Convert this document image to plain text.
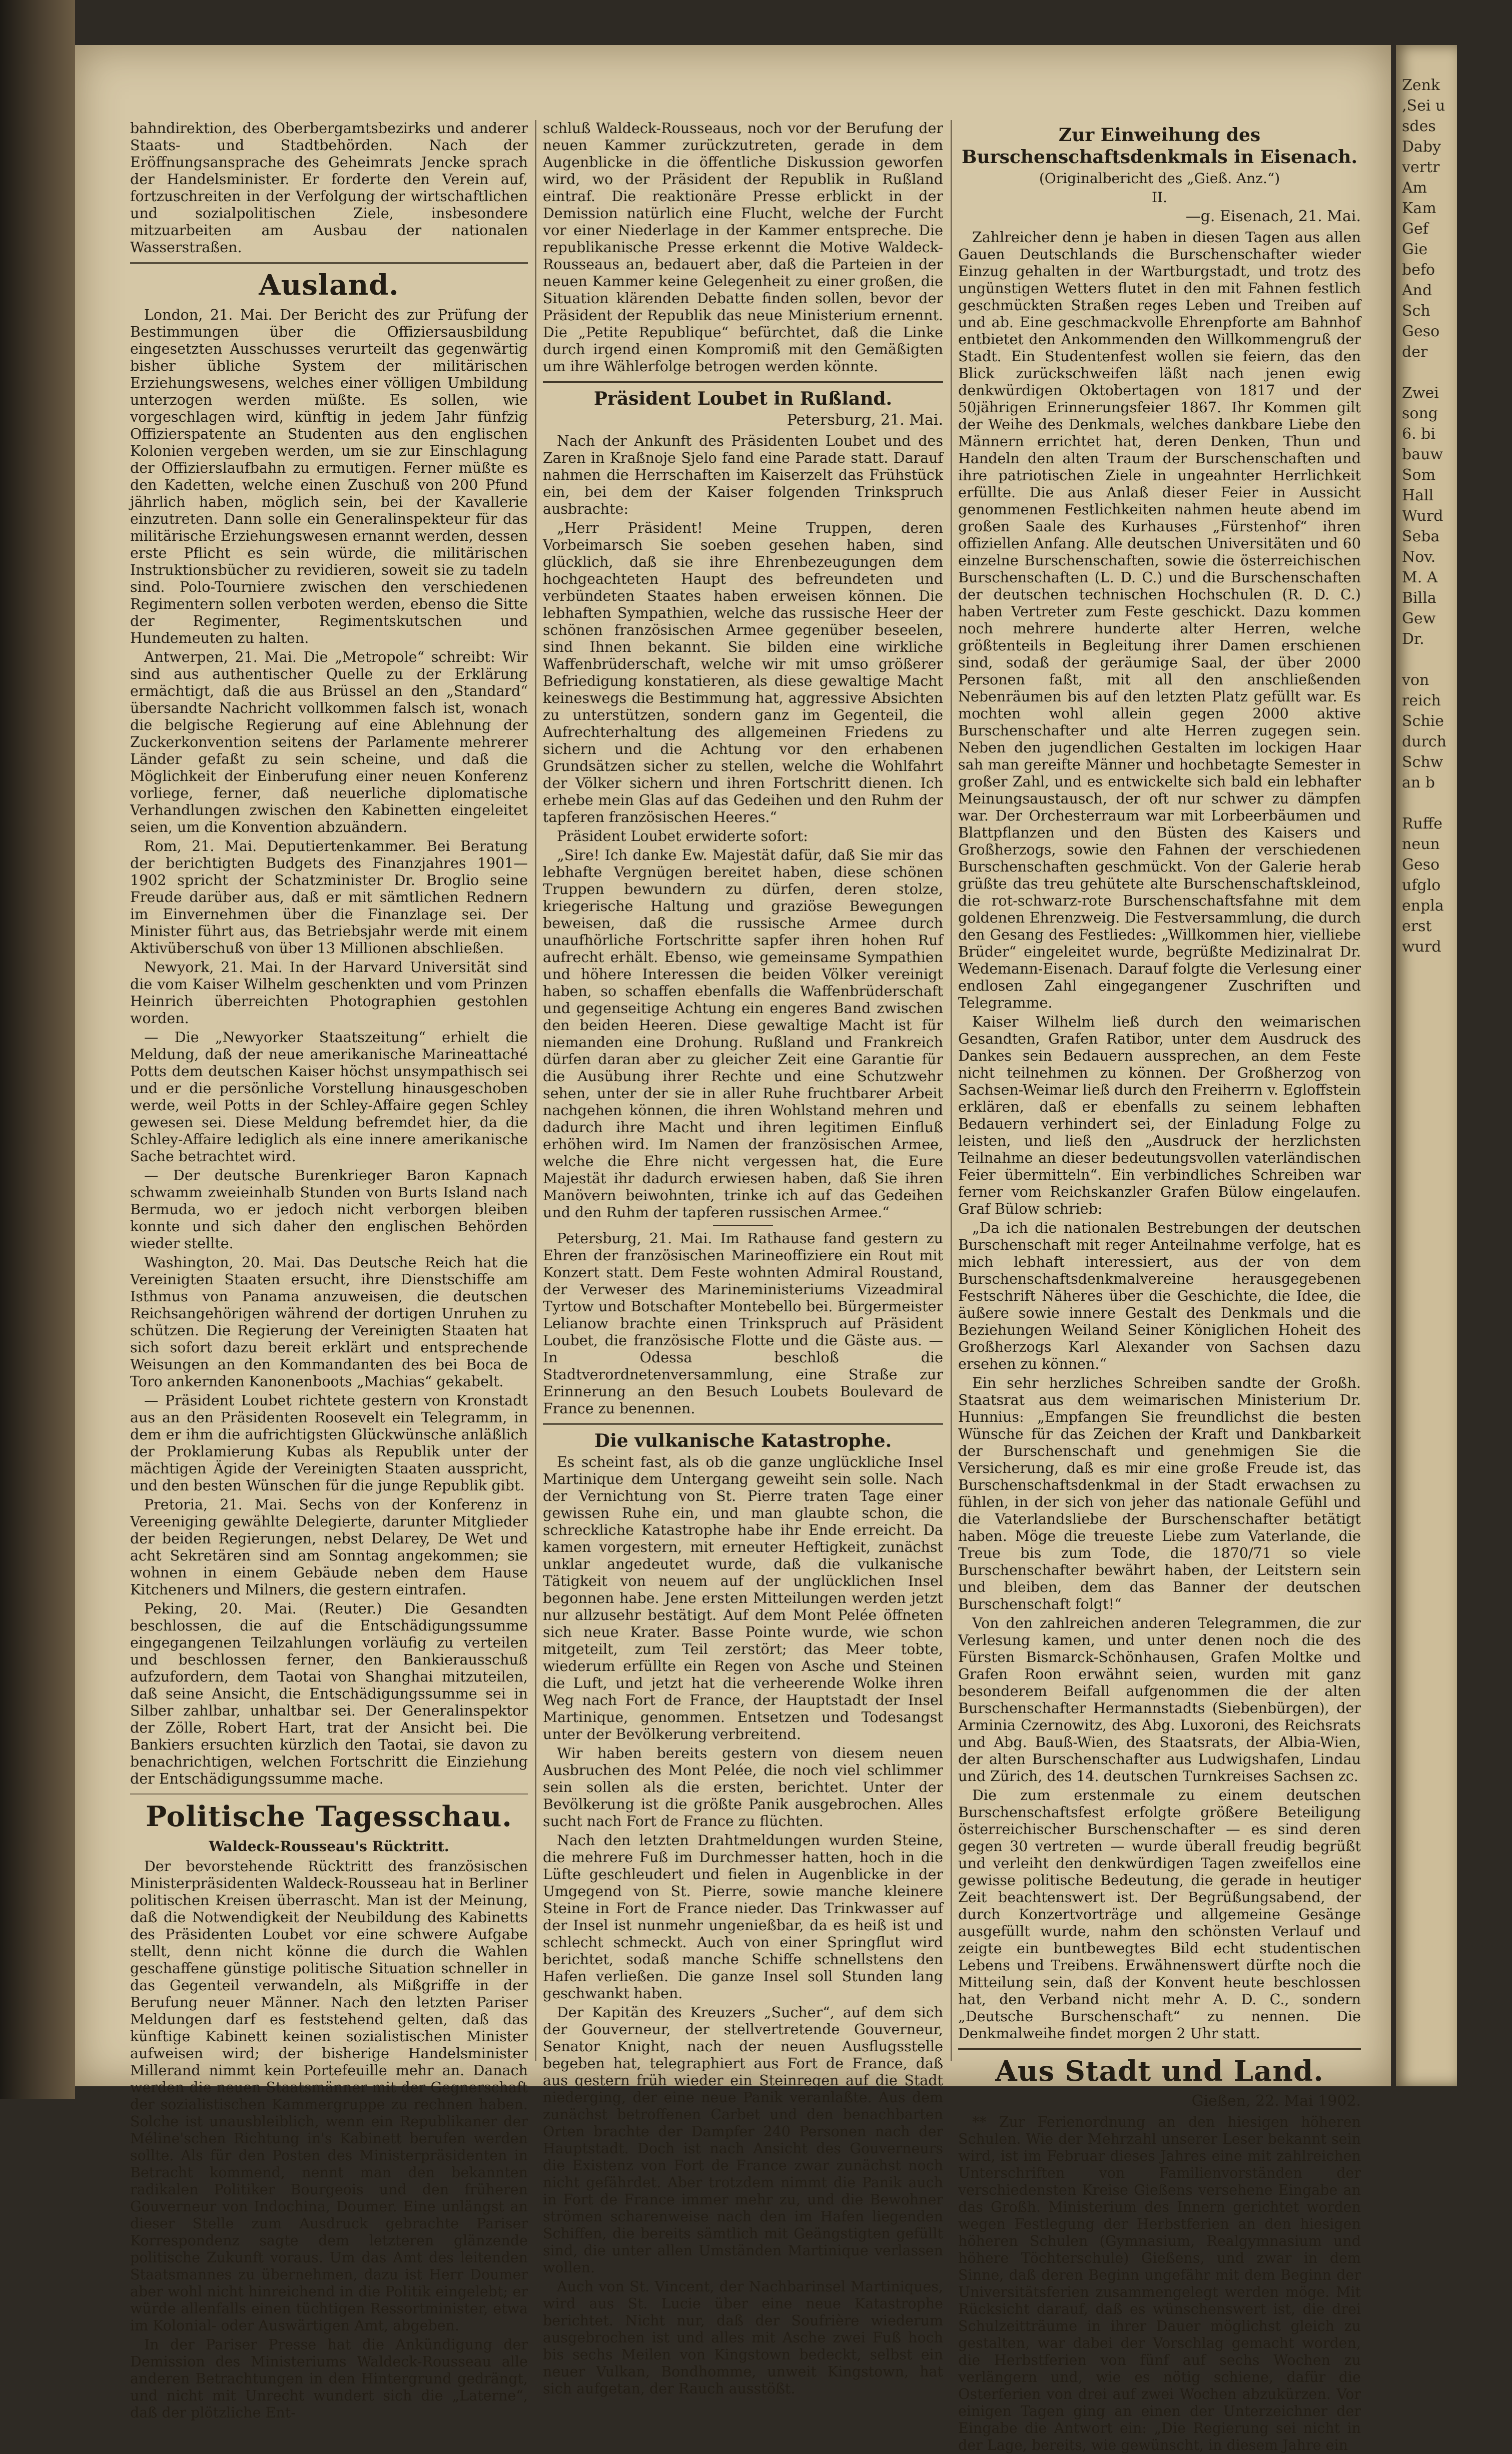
bahndirektion, des Oberbergamtsbezirks und anderer Staats- und Stadtbehörden. Nach der Eröffnungsansprache des Geheimrats Jencke sprach der Handelsminister. Er forderte den Verein auf, fortzuschreiten in der Verfolgung der wirtschaftlichen und sozialpolitischen Ziele, insbesondere mitzuarbeiten am Ausbau der nationalen Wasserstraßen.

Ausland.

London, 21. Mai. Der Bericht des zur Prüfung der Bestimmungen über die Offiziersausbildung eingesetzten Ausschusses verurteilt das gegenwärtig bisher übliche System der militärischen Erziehungswesens, welches einer völligen Umbildung unterzogen werden müßte. Es sollen, wie vorgeschlagen wird, künftig in jedem Jahr fünfzig Offizierspatente an Studenten aus den englischen Kolonien vergeben werden, um sie zur Einschlagung der Offizierslaufbahn zu ermutigen. Ferner müßte es den Kadetten, welche einen Zuschuß von 200 Pfund jährlich haben, möglich sein, bei der Kavallerie einzutreten. Dann solle ein Generalinspekteur für das militärische Erziehungswesen ernannt werden, dessen erste Pflicht es sein würde, die militärischen Instruktionsbücher zu revidieren, soweit sie zu tadeln sind. Polo-Tourniere zwischen den verschiedenen Regimentern sollen verboten werden, ebenso die Sitte der Regimenter, Regimentskutschen und Hundemeuten zu halten.

Antwerpen, 21. Mai. Die „Metropole“ schreibt: Wir sind aus authentischer Quelle zu der Erklärung ermächtigt, daß die aus Brüssel an den „Standard“ übersandte Nachricht vollkommen falsch ist, wonach die belgische Regierung auf eine Ablehnung der Zuckerkonvention seitens der Parlamente mehrerer Länder gefaßt zu sein scheine, und daß die Möglichkeit der Einberufung einer neuen Konferenz vorliege, ferner, daß neuerliche diplomatische Verhandlungen zwischen den Kabinetten eingeleitet seien, um die Konvention abzuändern.

Rom, 21. Mai. Deputiertenkammer. Bei Beratung der berichtigten Budgets des Finanzjahres 1901—1902 spricht der Schatzminister Dr. Broglio seine Freude darüber aus, daß er mit sämtlichen Rednern im Einvernehmen über die Finanzlage sei. Der Minister führt aus, das Betriebsjahr werde mit einem Aktivüberschuß von über 13 Millionen abschließen.

Newyork, 21. Mai. In der Harvard Universität sind die vom Kaiser Wilhelm geschenkten und vom Prinzen Heinrich überreichten Photographien gestohlen worden.

— Die „Newyorker Staatszeitung“ erhielt die Meldung, daß der neue amerikanische Marineattaché Potts dem deutschen Kaiser höchst unsympathisch sei und er die persönliche Vorstellung hinausgeschoben werde, weil Potts in der Schley-Affaire gegen Schley gewesen sei. Diese Meldung befremdet hier, da die Schley-Affaire lediglich als eine innere amerikanische Sache betrachtet wird.

— Der deutsche Burenkrieger Baron Kapnach schwamm zweieinhalb Stunden von Burts Island nach Bermuda, wo er jedoch nicht verborgen bleiben konnte und sich daher den englischen Behörden wieder stellte.

Washington, 20. Mai. Das Deutsche Reich hat die Vereinigten Staaten ersucht, ihre Dienstschiffe am Isthmus von Panama anzuweisen, die deutschen Reichsangehörigen während der dortigen Unruhen zu schützen. Die Regierung der Vereinigten Staaten hat sich sofort dazu bereit erklärt und entsprechende Weisungen an den Kommandanten des bei Boca de Toro ankernden Kanonenboots „Machias“ gekabelt.

— Präsident Loubet richtete gestern von Kronstadt aus an den Präsidenten Roosevelt ein Telegramm, in dem er ihm die aufrichtigsten Glückwünsche anläßlich der Proklamierung Kubas als Republik unter der mächtigen Ägide der Vereinigten Staaten ausspricht, und den besten Wünschen für die junge Republik gibt.

Pretoria, 21. Mai. Sechs von der Konferenz in Vereeniging gewählte Delegierte, darunter Mitglieder der beiden Regierungen, nebst Delarey, De Wet und acht Sekretären sind am Sonntag angekommen; sie wohnen in einem Gebäude neben dem Hause Kitcheners und Milners, die gestern eintrafen.

Peking, 20. Mai. (Reuter.) Die Gesandten beschlossen, die auf die Entschädigungssumme eingegangenen Teilzahlungen vorläufig zu verteilen und beschlossen ferner, den Bankierausschuß aufzufordern, dem Taotai von Shanghai mitzuteilen, daß seine Ansicht, die Entschädigungssumme sei in Silber zahlbar, unhaltbar sei. Der Generalinspektor der Zölle, Robert Hart, trat der Ansicht bei. Die Bankiers ersuchten kürzlich den Taotai, sie davon zu benachrichtigen, welchen Fortschritt die Einziehung der Entschädigungssumme mache.

Politische Tagesschau.
Waldeck-Rousseau's Rücktritt.

Der bevorstehende Rücktritt des französischen Ministerpräsidenten Waldeck-Rousseau hat in Berliner politischen Kreisen überrascht. Man ist der Meinung, daß die Notwendigkeit der Neubildung des Kabinetts des Präsidenten Loubet vor eine schwere Aufgabe stellt, denn nicht könne die durch die Wahlen geschaffene günstige politische Situation schneller in das Gegenteil verwandeln, als Mißgriffe in der Berufung neuer Männer. Nach den letzten Pariser Meldungen darf es feststehend gelten, daß das künftige Kabinett keinen sozialistischen Minister aufweisen wird; der bisherige Handelsminister Millerand nimmt kein Portefeuille mehr an. Danach werden die neuen Staatsmänner mit der Gegnerschaft der sozialistischen Kammergruppe zu rechnen haben. Solche ist unausbleiblich, wenn ein Republikaner der Méline'schen Richtung in's Kabinett berufen werden sollte. Als für den Posten des Ministerpräsidenten in Betracht kommend, nennt man den bekannten radikalen Politiker Bourgeois und den früheren Gouverneur von Indochina, Doumer. Eine unlängst an dieser Stelle zum Ausdruck gebrachte Pariser Korrespondenz sagte dem letzteren glänzende politische Zukunft voraus. Um das Amt des leitenden Staatsmannes zu übernehmen, dazu ist Herr Doumer aber wohl nicht hinreichend in die Politik eingelebt; er würde allenfalls einen tüchtigen Ressortminister, etwa im Kolonial- oder Auswärtigen Amt, abgeben.

In der Pariser Presse hat die Ankündigung der Demission des Ministeriums Waldeck-Rousseau alle anderen Betrachtungen in den Hintergrund gedrängt, und nicht mit Unrecht wundert sich die „Laterne“, daß der plötzliche Ent-

schluß Waldeck-Rousseaus, noch vor der Berufung der neuen Kammer zurückzutreten, gerade in dem Augenblicke in die öffentliche Diskussion geworfen wird, wo der Präsident der Republik in Rußland eintraf. Die reaktionäre Presse erblickt in der Demission natürlich eine Flucht, welche der Furcht vor einer Niederlage in der Kammer entspreche. Die republikanische Presse erkennt die Motive Waldeck-Rousseaus an, bedauert aber, daß die Parteien in der neuen Kammer keine Gelegenheit zu einer großen, die Situation klärenden Debatte finden sollen, bevor der Präsident der Republik das neue Ministerium ernennt. Die „Petite Republique“ befürchtet, daß die Linke durch irgend einen Kompromiß mit den Gemäßigten um ihre Wählerfolge betrogen werden könnte.

Präsident Loubet in Rußland.
Petersburg, 21. Mai.

Nach der Ankunft des Präsidenten Loubet und des Zaren in Kraßnoje Sjelo fand eine Parade statt. Darauf nahmen die Herrschaften im Kaiserzelt das Frühstück ein, bei dem der Kaiser folgenden Trinkspruch ausbrachte:

„Herr Präsident! Meine Truppen, deren Vorbeimarsch Sie soeben gesehen haben, sind glücklich, daß sie ihre Ehrenbezeugungen dem hochgeachteten Haupt des befreundeten und verbündeten Staates haben erweisen können. Die lebhaften Sympathien, welche das russische Heer der schönen französischen Armee gegenüber beseelen, sind Ihnen bekannt. Sie bilden eine wirkliche Waffenbrüderschaft, welche wir mit umso größerer Befriedigung konstatieren, als diese gewaltige Macht keineswegs die Bestimmung hat, aggressive Absichten zu unterstützen, sondern ganz im Gegenteil, die Aufrechterhaltung des allgemeinen Friedens zu sichern und die Achtung vor den erhabenen Grundsätzen sicher zu stellen, welche die Wohlfahrt der Völker sichern und ihren Fortschritt dienen. Ich erhebe mein Glas auf das Gedeihen und den Ruhm der tapferen französischen Heeres.“

Präsident Loubet erwiderte sofort:

„Sire! Ich danke Ew. Majestät dafür, daß Sie mir das lebhafte Vergnügen bereitet haben, diese schönen Truppen bewundern zu dürfen, deren stolze, kriegerische Haltung und graziöse Bewegungen beweisen, daß die russische Armee durch unaufhörliche Fortschritte sapfer ihren hohen Ruf aufrecht erhält. Ebenso, wie gemeinsame Sympathien und höhere Interessen die beiden Völker vereinigt haben, so schaffen ebenfalls die Waffenbrüderschaft und gegenseitige Achtung ein engeres Band zwischen den beiden Heeren. Diese gewaltige Macht ist für niemanden eine Drohung. Rußland und Frankreich dürfen daran aber zu gleicher Zeit eine Garantie für die Ausübung ihrer Rechte und eine Schutzwehr sehen, unter der sie in aller Ruhe fruchtbarer Arbeit nachgehen können, die ihren Wohlstand mehren und dadurch ihre Macht und ihren legitimen Einfluß erhöhen wird. Im Namen der französischen Armee, welche die Ehre nicht vergessen hat, die Eure Majestät ihr dadurch erwiesen haben, daß Sie ihren Manövern beiwohnten, trinke ich auf das Gedeihen und den Ruhm der tapferen russischen Armee.“

Petersburg, 21. Mai. Im Rathause fand gestern zu Ehren der französischen Marineoffiziere ein Rout mit Konzert statt. Dem Feste wohnten Admiral Roustand, der Verweser des Marineministeriums Vizeadmiral Tyrtow und Botschafter Montebello bei. Bürgermeister Lelianow brachte einen Trinkspruch auf Präsident Loubet, die französische Flotte und die Gäste aus. — In Odessa beschloß die Stadtverordnetenversammlung, eine Straße zur Erinnerung an den Besuch Loubets Boulevard de France zu benennen.

Die vulkanische Katastrophe.

Es scheint fast, als ob die ganze unglückliche Insel Martinique dem Untergang geweiht sein solle. Nach der Vernichtung von St. Pierre traten Tage einer gewissen Ruhe ein, und man glaubte schon, die schreckliche Katastrophe habe ihr Ende erreicht. Da kamen vorgestern, mit erneuter Heftigkeit, zunächst unklar angedeutet wurde, daß die vulkanische Tätigkeit von neuem auf der unglücklichen Insel begonnen habe. Jene ersten Mitteilungen werden jetzt nur allzusehr bestätigt. Auf dem Mont Pelée öffneten sich neue Krater. Basse Pointe wurde, wie schon mitgeteilt, zum Teil zerstört; das Meer tobte, wiederum erfüllte ein Regen von Asche und Steinen die Luft, und jetzt hat die verheerende Wolke ihren Weg nach Fort de France, der Hauptstadt der Insel Martinique, genommen. Entsetzen und Todesangst unter der Bevölkerung verbreitend.

Wir haben bereits gestern von diesem neuen Ausbruchen des Mont Pelée, die noch viel schlimmer sein sollen als die ersten, berichtet. Unter der Bevölkerung ist die größte Panik ausgebrochen. Alles sucht nach Fort de France zu flüchten.

Nach den letzten Drahtmeldungen wurden Steine, die mehrere Fuß im Durchmesser hatten, hoch in die Lüfte geschleudert und fielen in Augenblicke in der Umgegend von St. Pierre, sowie manche kleinere Steine in Fort de France nieder. Das Trinkwasser auf der Insel ist nunmehr ungenießbar, da es heiß ist und schlecht schmeckt. Auch von einer Springflut wird berichtet, sodaß manche Schiffe schnellstens den Hafen verließen. Die ganze Insel soll Stunden lang geschwankt haben.

Der Kapitän des Kreuzers „Sucher“, auf dem sich der Gouverneur, der stellvertretende Gouverneur, Senator Knight, nach der neuen Ausflugsstelle begeben hat, telegraphiert aus Fort de France, daß aus gestern früh wieder ein Steinregen auf die Stadt niederging, der eine neue Panik veranlaßte. Aus dem zunächst betroffenen Carbet und den benachbarten Orten brachte der Dampfer 240 Personen nach der Hauptstadt. Doch ist nach Ansicht des Gouverneurs die Existenz von Fort de France zwar zunächst noch nicht gefährdet. Aber trotzdem nimmt die Panik auch in Fort de France immer mehr zu, und die Bewohner strömen scharenweise nach den im Hafen liegenden Schiffen, die bereits sämtlich mit Geängstigten gefüllt sind, die unter allen Umständen Martinique verlassen wollen.

Auch von St. Vincent, der Nachbarinsel Martiniques, wird aus St. Lucie über eine neue Katastrophe berichtet. Nicht nur, daß der Soufrière wiederum ausgebrochen ist und alles mit Asche zwei Fuß hoch bis sechs Meilen von Kingstown bedeckt, selbst ein neuer Vulkan, Bondhomme, unweit Kingstown, hat sich aufgetan, der Rauch ausstößt.

Zur Einweihung des Burschenschaftsdenkmals in Eisenach.
(Originalbericht des „Gieß. Anz.“)
II.
—g. Eisenach, 21. Mai.

Zahlreicher denn je haben in diesen Tagen aus allen Gauen Deutschlands die Burschenschafter wieder Einzug gehalten in der Wartburgstadt, und trotz des ungünstigen Wetters flutet in den mit Fahnen festlich geschmückten Straßen reges Leben und Treiben auf und ab. Eine geschmackvolle Ehrenpforte am Bahnhof entbietet den Ankommenden den Willkommengruß der Stadt. Ein Studentenfest wollen sie feiern, das den Blick zurückschweifen läßt nach jenen ewig denkwürdigen Oktobertagen von 1817 und der 50jährigen Erinnerungsfeier 1867. Ihr Kommen gilt der Weihe des Denkmals, welches dankbare Liebe den Männern errichtet hat, deren Denken, Thun und Handeln den alten Traum der Burschenschaften und ihre patriotischen Ziele in ungeahnter Herrlichkeit erfüllte. Die aus Anlaß dieser Feier in Aussicht genommenen Festlichkeiten nahmen heute abend im großen Saale des Kurhauses „Fürstenhof“ ihren offiziellen Anfang. Alle deutschen Universitäten und 60 einzelne Burschenschaften, sowie die österreichischen Burschenschaften (L. D. C.) und die Burschenschaften der deutschen technischen Hochschulen (R. D. C.) haben Vertreter zum Feste geschickt. Dazu kommen noch mehrere hunderte alter Herren, welche größtenteils in Begleitung ihrer Damen erschienen sind, sodaß der geräumige Saal, der über 2000 Personen faßt, mit all den anschließenden Nebenräumen bis auf den letzten Platz gefüllt war. Es mochten wohl allein gegen 2000 aktive Burschenschafter und alte Herren zugegen sein. Neben den jugendlichen Gestalten im lockigen Haar sah man gereifte Männer und hochbetagte Semester in großer Zahl, und es entwickelte sich bald ein lebhafter Meinungsaustausch, der oft nur schwer zu dämpfen war. Der Orchesterraum war mit Lorbeerbäumen und Blattpflanzen und den Büsten des Kaisers und Großherzogs, sowie den Fahnen der verschiedenen Burschenschaften geschmückt. Von der Galerie herab grüßte das treu gehütete alte Burschenschaftskleinod, die rot-schwarz-rote Burschenschaftsfahne mit dem goldenen Ehrenzweig. Die Festversammlung, die durch den Gesang des Festliedes: „Willkommen hier, vielliebe Brüder“ eingeleitet wurde, begrüßte Medizinalrat Dr. Wedemann-Eisenach. Darauf folgte die Verlesung einer endlosen Zahl eingegangener Zuschriften und Telegramme.

Kaiser Wilhelm ließ durch den weimarischen Gesandten, Grafen Ratibor, unter dem Ausdruck des Dankes sein Bedauern aussprechen, an dem Feste nicht teilnehmen zu können. Der Großherzog von Sachsen-Weimar ließ durch den Freiherrn v. Egloffstein erklären, daß er ebenfalls zu seinem lebhaften Bedauern verhindert sei, der Einladung Folge zu leisten, und ließ den „Ausdruck der herzlichsten Teilnahme an dieser bedeutungsvollen vaterländischen Feier übermitteln“. Ein verbindliches Schreiben war ferner vom Reichskanzler Grafen Bülow eingelaufen. Graf Bülow schrieb:

„Da ich die nationalen Bestrebungen der deutschen Burschenschaft mit reger Anteilnahme verfolge, hat es mich lebhaft interessiert, aus der von dem Burschenschaftsdenkmalvereine herausgegebenen Festschrift Näheres über die Geschichte, die Idee, die äußere sowie innere Gestalt des Denkmals und die Beziehungen Weiland Seiner Königlichen Hoheit des Großherzogs Karl Alexander von Sachsen dazu ersehen zu können.“

Ein sehr herzliches Schreiben sandte der Großh. Staatsrat aus dem weimarischen Ministerium Dr. Hunnius: „Empfangen Sie freundlichst die besten Wünsche für das Zeichen der Kraft und Dankbarkeit der Burschenschaft und genehmigen Sie die Versicherung, daß es mir eine große Freude ist, das Burschenschaftsdenkmal in der Stadt erwachsen zu fühlen, in der sich von jeher das nationale Gefühl und die Vaterlandsliebe der Burschenschafter betätigt haben. Möge die treueste Liebe zum Vaterlande, die Treue bis zum Tode, die 1870/71 so viele Burschenschafter bewährt haben, der Leitstern sein und bleiben, dem das Banner der deutschen Burschenschaft folgt!“

Von den zahlreichen anderen Telegrammen, die zur Verlesung kamen, und unter denen noch die des Fürsten Bismarck-Schönhausen, Grafen Moltke und Grafen Roon erwähnt seien, wurden mit ganz besonderem Beifall aufgenommen die der alten Burschenschafter Hermannstadts (Siebenbürgen), der Arminia Czernowitz, des Abg. Luxoroni, des Reichsrats und Abg. Bauß-Wien, des Staatsrats, der Albia-Wien, der alten Burschenschafter aus Ludwigshafen, Lindau und Zürich, des 14. deutschen Turnkreises Sachsen zc.

Die zum erstenmale zu einem deutschen Burschenschaftsfest erfolgte größere Beteiligung österreichischer Burschenschafter — es sind deren gegen 30 vertreten — wurde überall freudig begrüßt und verleiht den denkwürdigen Tagen zweifellos eine gewisse politische Bedeutung, die gerade in heutiger Zeit beachtenswert ist. Der Begrüßungsabend, der durch Konzertvorträge und allgemeine Gesänge ausgefüllt wurde, nahm den schönsten Verlauf und zeigte ein buntbewegtes Bild echt studentischen Lebens und Treibens. Erwähnenswert dürfte noch die Mitteilung sein, daß der Konvent heute beschlossen hat, den Verband nicht mehr A. D. C., sondern „Deutsche Burschenschaft“ zu nennen. Die Denkmalweihe findet morgen 2 Uhr statt.

Aus Stadt und Land.
Gießen, 22. Mai 1902.

** Zur Ferienordnung an den hiesigen höheren Schulen. Wie der Mehrzahl unserer Leser bekannt sein wird, ist im Februar dieses Jahres eine mit zahlreichen Unterschriften von Familienvorständen der verschiedensten Kreise Gießens versehene Eingabe an das Großh. Ministerium des Innern gerichtet worden wegen Festlegung der Herbstferien an den hiesigen höheren Schulen (Gymnasium, Realgymnasium und höhere Töchterschule) Gießens, und zwar in dem Sinne, daß deren Beginn ungefähr mit dem Beginn der Universitätsferien zusammengelegt werden möge. Mit Rücksicht darauf, daß es wünschenswert ist, die drei Schulzeitträume in ihrer Dauer möglichst gleich zu gestalten, war dabei der Vorschlag gemacht worden, die Herbstferien von fünf auf sechs Wochen zu verlängern und, wie es nötig schiene, dafür die Osterferien von drei auf zwei Wochen abzukürzen. Vor einigen Tagen ging an einen der Unterzeichner der Eingabe die Antwort ein: „Die Regierung sei nicht in der Lage, bereits, wie gewünscht, in diesem Jahre ein

Zenk
,Sei u
sdes
Daby
vertr
Am
Kam
Gef
Gie
befo
And
Sch
Geso
der

Zwei
song
6. bi
bauw
Som
Hall
Wurd
Seba
Nov.
M. A
Billa
Gew
Dr.

von
reich
Schie
durch
Schw
an b

Ruffe
neun
Geso
ufglo
enpla
erst
wurd
